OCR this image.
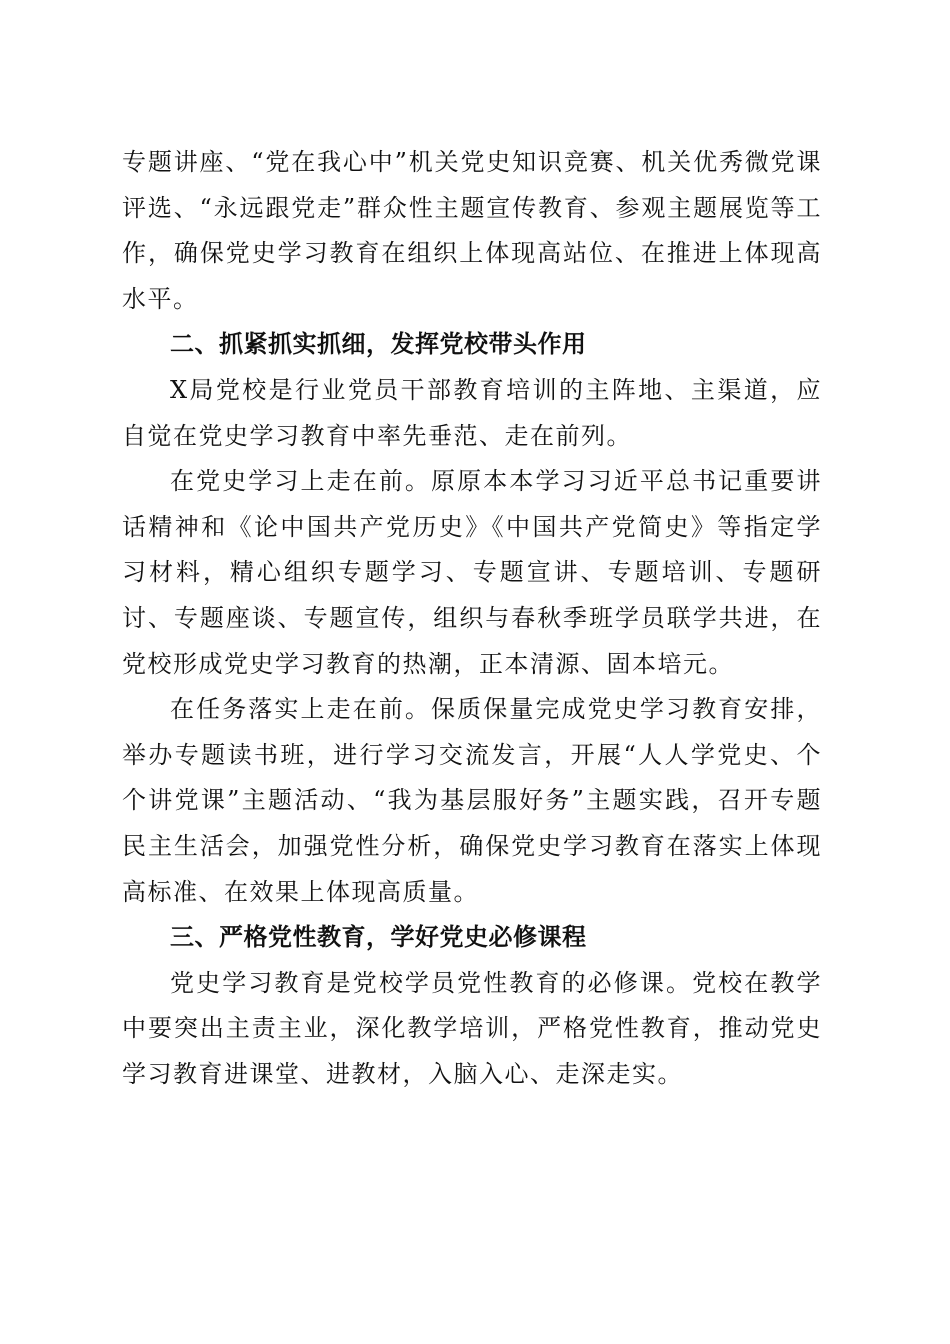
专题讲座、“党在我心中”机关党史知识竞赛、机关优秀微党课评选、“永远跟党走”群众性主题宣传教育、参观主题展览等工作，确保党史学习教育在组织上体现高站位、在推进上体现高水平。

二、抓紧抓实抓细，发挥党校带头作用

X局党校是行业党员干部教育培训的主阵地、主渠道，应自觉在党史学习教育中率先垂范、走在前列。

在党史学习上走在前。原原本本学习习近平总书记重要讲话精神和《论中国共产党历史》《中国共产党简史》等指定学习材料，精心组织专题学习、专题宣讲、专题培训、专题研讨、专题座谈、专题宣传，组织与春秋季班学员联学共进，在党校形成党史学习教育的热潮，正本清源、固本培元。

在任务落实上走在前。保质保量完成党史学习教育安排，举办专题读书班，进行学习交流发言，开展“人人学党史、个个讲党课”主题活动、“我为基层服好务”主题实践，召开专题民主生活会，加强党性分析，确保党史学习教育在落实上体现高标准、在效果上体现高质量。

三、严格党性教育，学好党史必修课程

党史学习教育是党校学员党性教育的必修课。党校在教学中要突出主责主业，深化教学培训，严格党性教育，推动党史学习教育进课堂、进教材，入脑入心、走深走实。
